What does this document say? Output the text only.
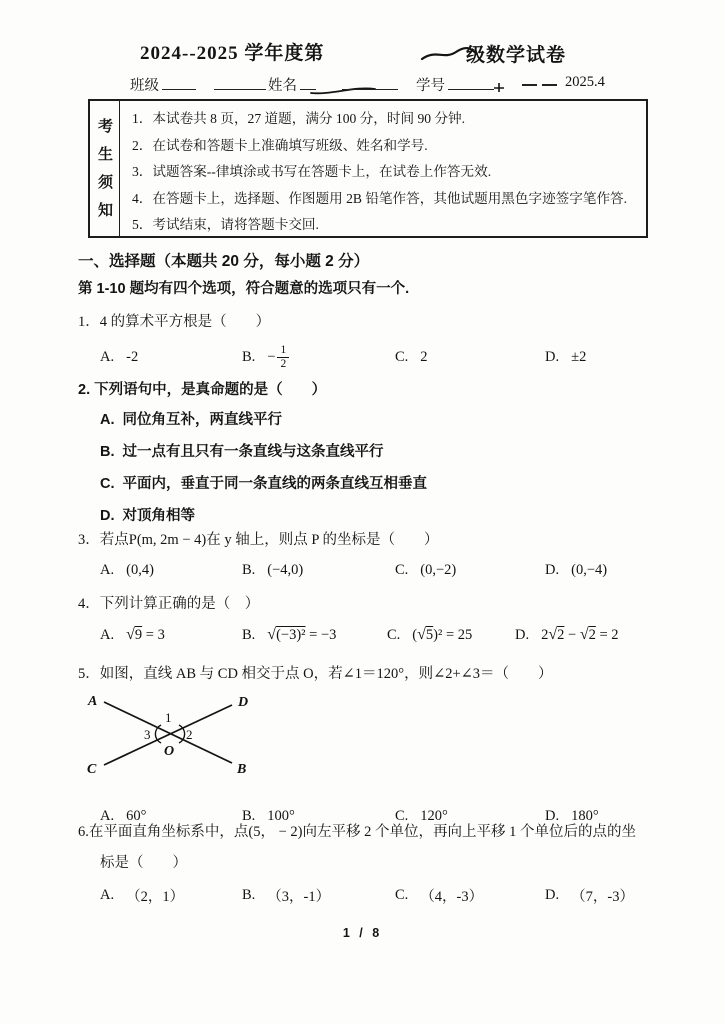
2024--2025 学年度第	级数学试卷
班级	姓名	学号	2025.4
考生须知 1．本试卷共 8 页，27 道题，满分 100 分，时间 90 分钟.
2．在试卷和答题卡上准确填写班级、姓名和学号.
3．试题答案--律填涂或书写在答题卡上，在试卷上作答无效.
4．在答题卡上，选择题、作图题用 2B 铅笔作答，其他试题用黑色字迹签字笔作答.
5．考试结束，请将答题卡交回.
一、选择题（本题共 20 分，每小题 2 分）
第 1-10 题均有四个选项，符合题意的选项只有一个.
1．4 的算术平方根是（　　）
A. -2	B. − $\frac{1}{2}$	C. 2	D. ±2
2. 下列语句中，是真命题的是（　　）
A. 同位角互补，两直线平行
B. 过一点有且只有一条直线与这条直线平行
C. 平面内，垂直于同一条直线的两条直线互相垂直
D. 对顶角相等
3．若点P(m, 2m − 4)在 y 轴上，则点 P 的坐标是（　　）
A. (0,4)	B. (−4,0)	C. (0,−2)	D. (0,−4)
4．下列计算正确的是（　）
A. √9 = 3	B. √(−3)² = −3	C. (√5)² = 25	D. 2√2 − √2 = 2
5．如图，直线 AB 与 CD 相交于点 O，若∠1＝120°，则∠2+∠3＝（　　）
A	D
C	B
O
1
2
3
A. 60°	B. 100°	C. 120°	D. 180°
6.在平面直角坐标系中，点(5， − 2)向左平移 2 个单位，再向上平移 1 个单位后的点的坐
标是（　　）
A. （2，1）	B. （3，-1）	C. （4，-3）	D. （7，-3）
1 / 8
